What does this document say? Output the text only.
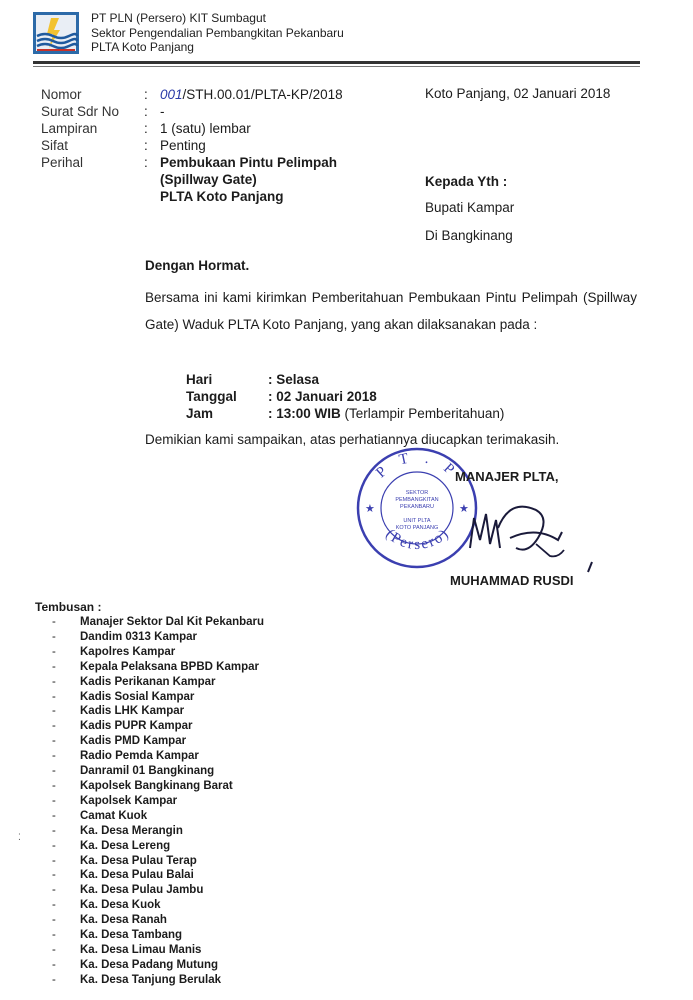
PT PLN (Persero) KIT Sumbagut
Sektor Pengendalian Pembangkitan Pekanbaru
PLTA Koto Panjang
Nomor
Surat Sdr No
Lampiran
Sifat
Perihal
:
:
:
:
:
001/STH.00.01/PLTA-KP/2018
-
1 (satu) lembar
Penting
Pembukaan Pintu Pelimpah
(Spillway Gate)
PLTA Koto Panjang
Koto Panjang, 02 Januari 2018
Kepada Yth :
Bupati Kampar
Di Bangkinang
Dengan Hormat.
Bersama ini kami kirimkan Pemberitahuan Pembukaan Pintu Pelimpah (Spillway Gate) Waduk PLTA Koto Panjang, yang akan dilaksanakan pada :
Hari
Tanggal
Jam
: Selasa
: 02 Januari 2018
: 13:00 WIB (Terlampir Pemberitahuan)
Demikian kami sampaikan, atas perhatiannya diucapkan terimakasih.
P T . P
(Persero)
★	★
SEKTOR
PEMBANGKITAN
PEKANBARU
UNIT PLTA
KOTO PANJANG
MANAJER PLTA,
MUHAMMAD RUSDI
Tembusan :
- Manajer Sektor Dal Kit Pekanbaru
- Dandim 0313 Kampar
- Kapolres Kampar
- Kepala Pelaksana BPBD Kampar
- Kadis Perikanan Kampar
- Kadis Sosial Kampar
- Kadis LHK Kampar
- Kadis PUPR Kampar
- Kadis PMD Kampar
- Radio Pemda Kampar
- Danramil 01 Bangkinang
- Kapolsek Bangkinang Barat
- Kapolsek Kampar
- Camat Kuok
- Ka. Desa Merangin
- Ka. Desa Lereng
- Ka. Desa Pulau Terap
- Ka. Desa Pulau Balai
- Ka. Desa Pulau Jambu
- Ka. Desa Kuok
- Ka. Desa Ranah
- Ka. Desa Tambang
- Ka. Desa Limau Manis
- Ka. Desa Padang Mutung
- Ka. Desa Tanjung Berulak
⁚
